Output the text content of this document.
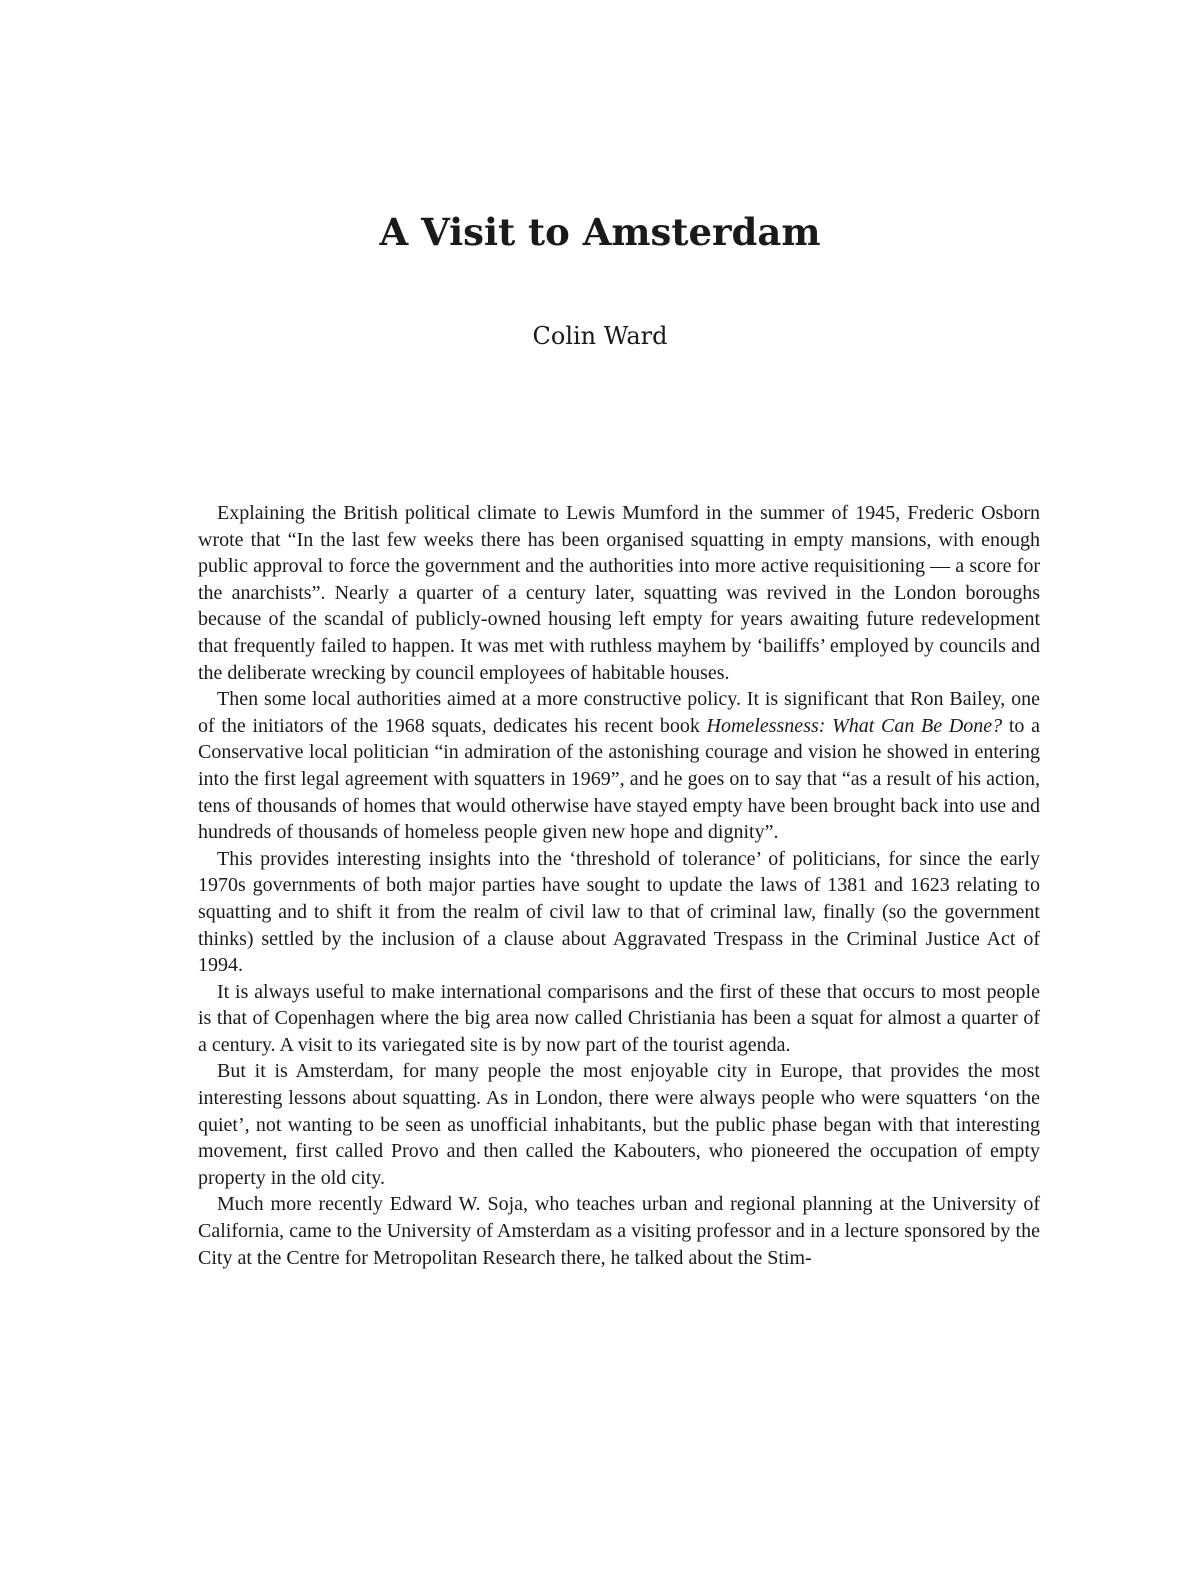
A Visit to Amsterdam
Colin Ward

Explaining the British political climate to Lewis Mumford in the summer of 1945, Frederic Osborn wrote that “In the last few weeks there has been organised squatting in empty mansions, with enough public approval to force the government and the authorities into more active requisitioning — a score for the anarchists”. Nearly a quarter of a century later, squatting was revived in the London boroughs because of the scandal of publicly-owned housing left empty for years awaiting future redevelopment that frequently failed to happen. It was met with ruthless mayhem by ‘bailiffs’ employed by councils and the deliberate wrecking by council employees of habitable houses.

Then some local authorities aimed at a more constructive policy. It is significant that Ron Bailey, one of the initiators of the 1968 squats, dedicates his recent book Homelessness: What Can Be Done? to a Conservative local politician “in admiration of the astonishing courage and vision he showed in entering into the first legal agreement with squatters in 1969”, and he goes on to say that “as a result of his action, tens of thousands of homes that would otherwise have stayed empty have been brought back into use and hundreds of thousands of homeless people given new hope and dignity”.

This provides interesting insights into the ‘threshold of tolerance’ of politicians, for since the early 1970s governments of both major parties have sought to update the laws of 1381 and 1623 relating to squatting and to shift it from the realm of civil law to that of criminal law, finally (so the government thinks) settled by the inclusion of a clause about Aggravated Trespass in the Criminal Justice Act of 1994.

It is always useful to make international comparisons and the first of these that occurs to most people is that of Copenhagen where the big area now called Christiania has been a squat for almost a quarter of a century. A visit to its variegated site is by now part of the tourist agenda.

But it is Amsterdam, for many people the most enjoyable city in Europe, that provides the most interesting lessons about squatting. As in London, there were always people who were squatters ‘on the quiet’, not wanting to be seen as unofficial inhabitants, but the public phase began with that interesting movement, first called Provo and then called the Kabouters, who pioneered the occupation of empty property in the old city.

Much more recently Edward W. Soja, who teaches urban and regional planning at the University of California, came to the University of Amsterdam as a visiting professor and in a lecture sponsored by the City at the Centre for Metropolitan Research there, he talked about the Stim-
